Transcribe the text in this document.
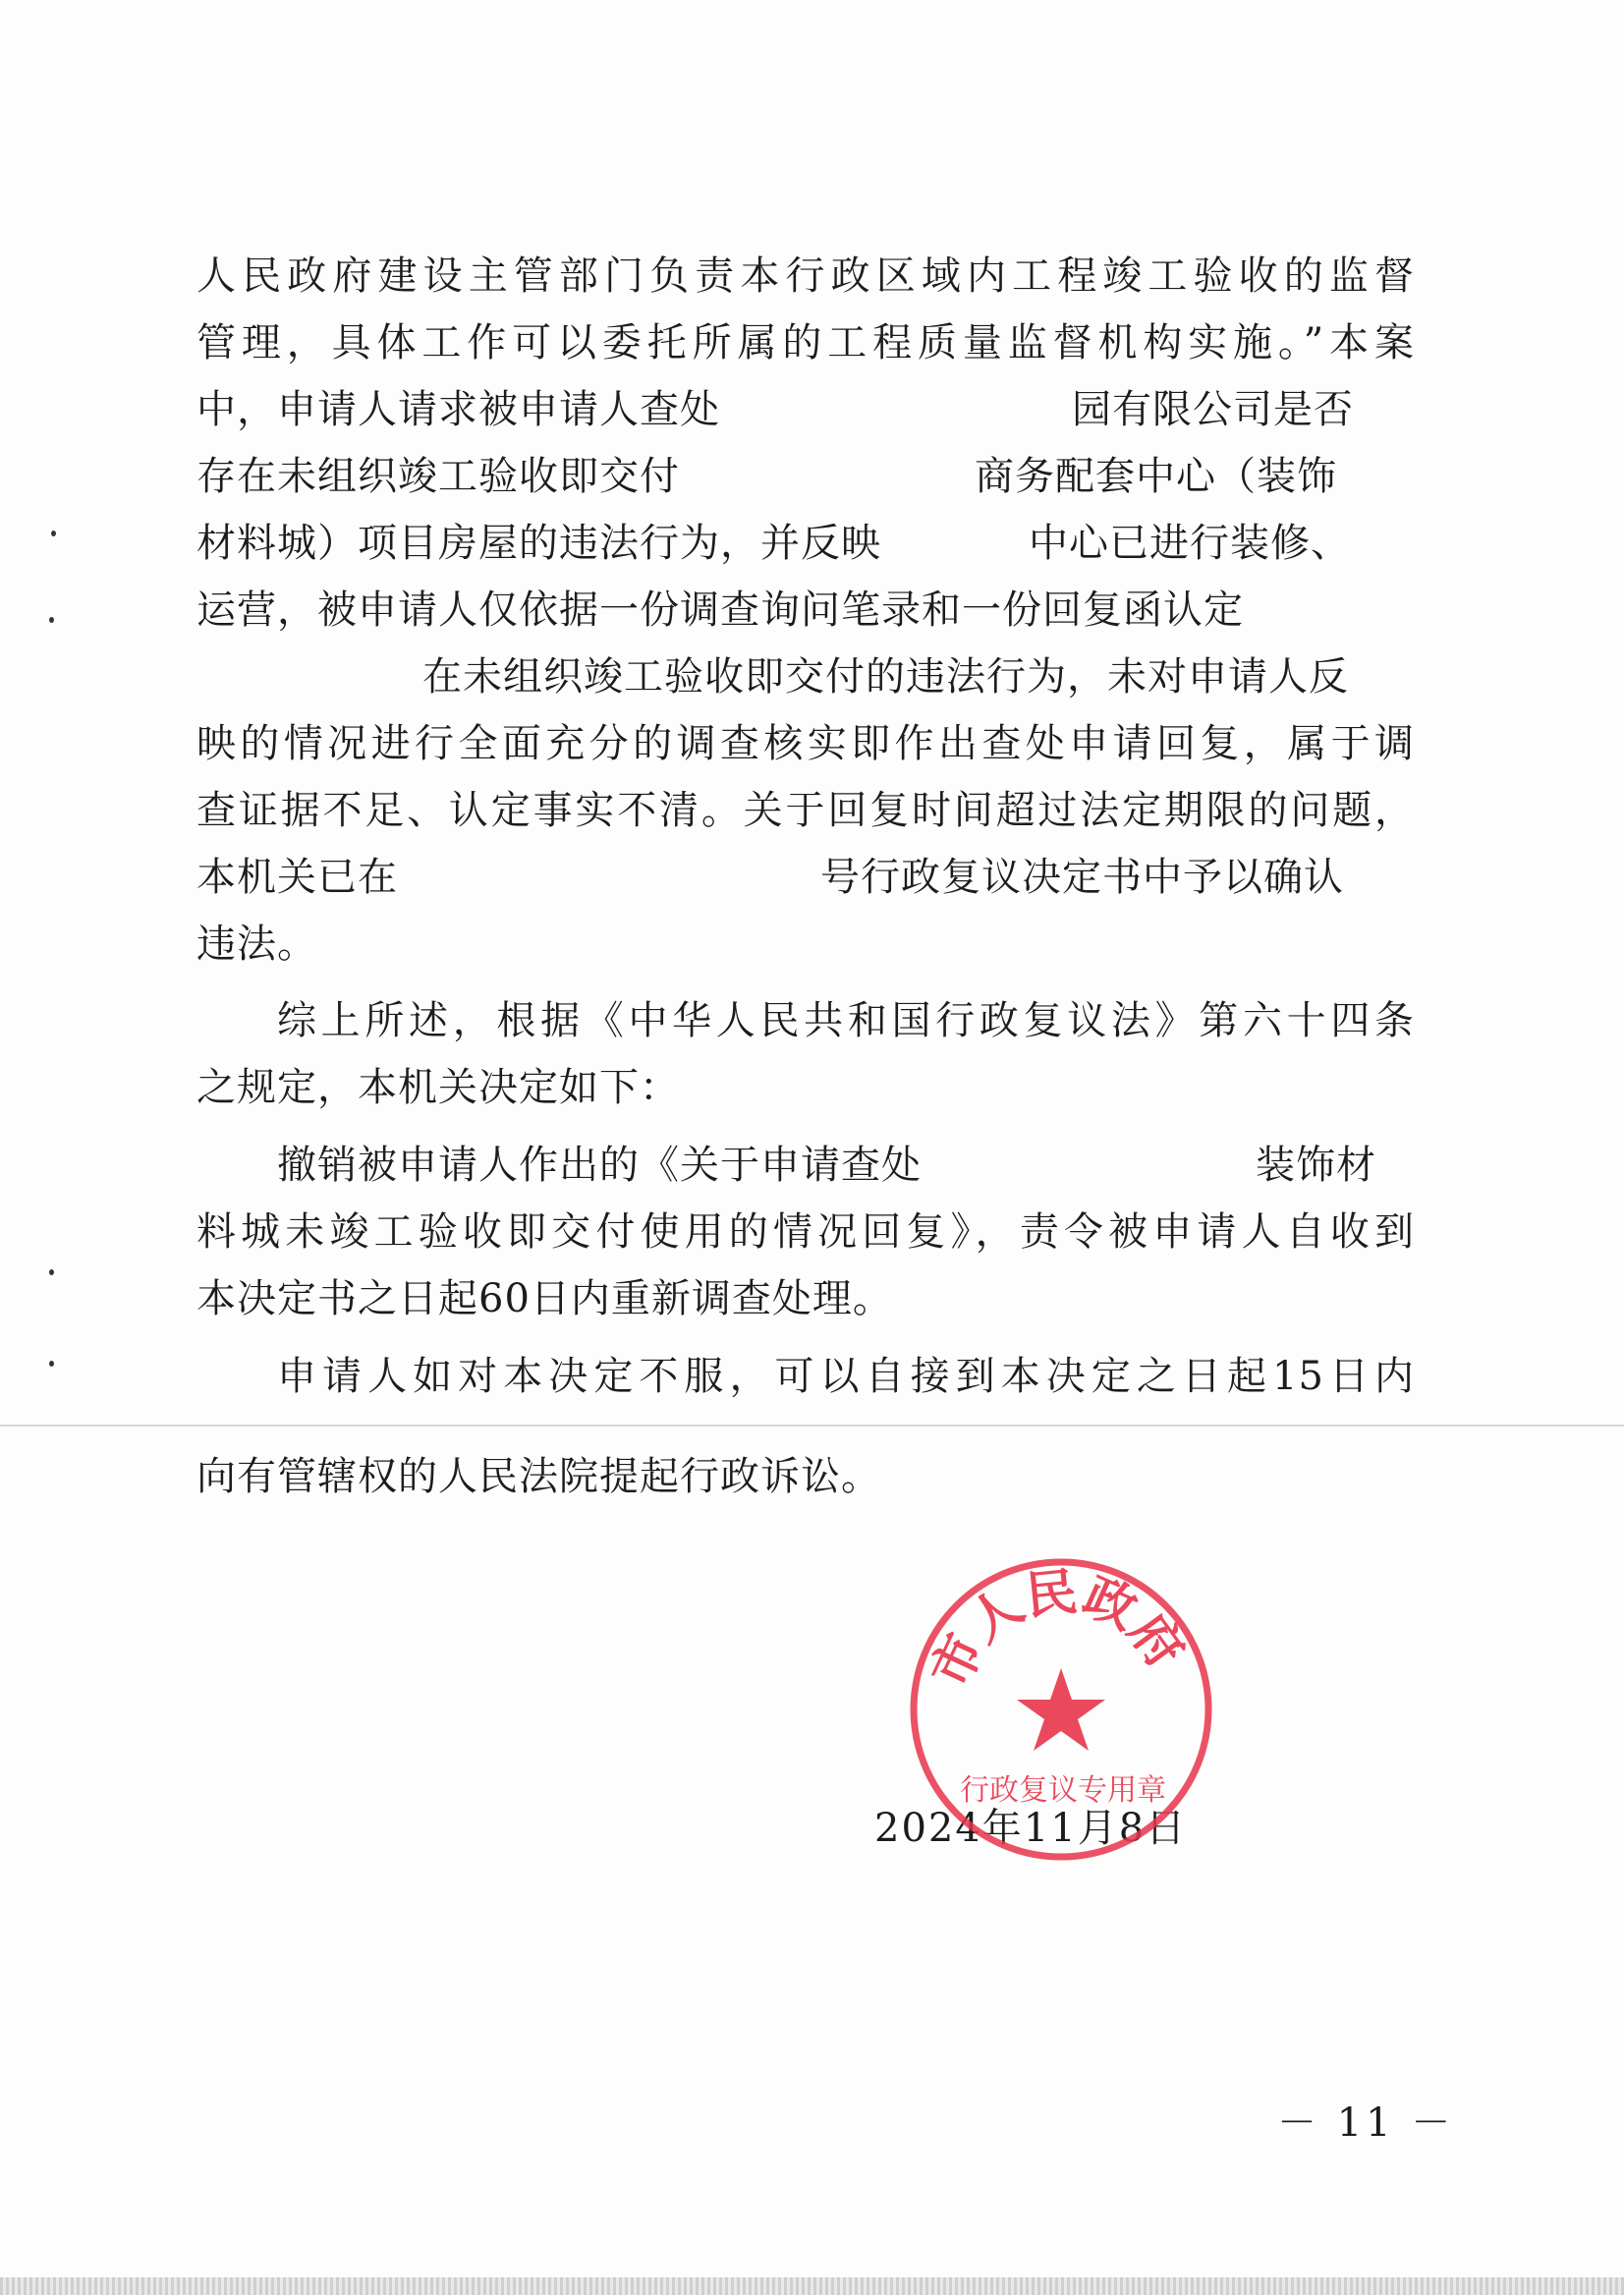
人民政府建设主管部门负责本行政区域内工程竣工验收的监督
管理，具体工作可以委托所属的工程质量监督机构实施。”本案
中，申请人请求被申请人查处	园有限公司是否
存在未组织竣工验收即交付	商务配套中心（装饰
材料城）项目房屋的违法行为，并反映	中心已进行装修、
运营，被申请人仅依据一份调查询问笔录和一份回复函认定
在未组织竣工验收即交付的违法行为，未对申请人反
映的情况进行全面充分的调查核实即作出查处申请回复，属于调
查证据不足、认定事实不清。关于回复时间超过法定期限的问题，
本机关已在	号行政复议决定书中予以确认
违法。
综上所述，根据《中华人民共和国行政复议法》第六十四条
之规定，本机关决定如下：
撤销被申请人作出的《关于申请查处	装饰材
料城未竣工验收即交付使用的情况回复》，责令被申请人自收到
本决定书之日起60日内重新调查处理。
申请人如对本决定不服，可以自接到本决定之日起15日内
向有管辖权的人民法院提起行政诉讼。
2024年11月8日
市人民政府
行政复议专用章
－ 11 －
